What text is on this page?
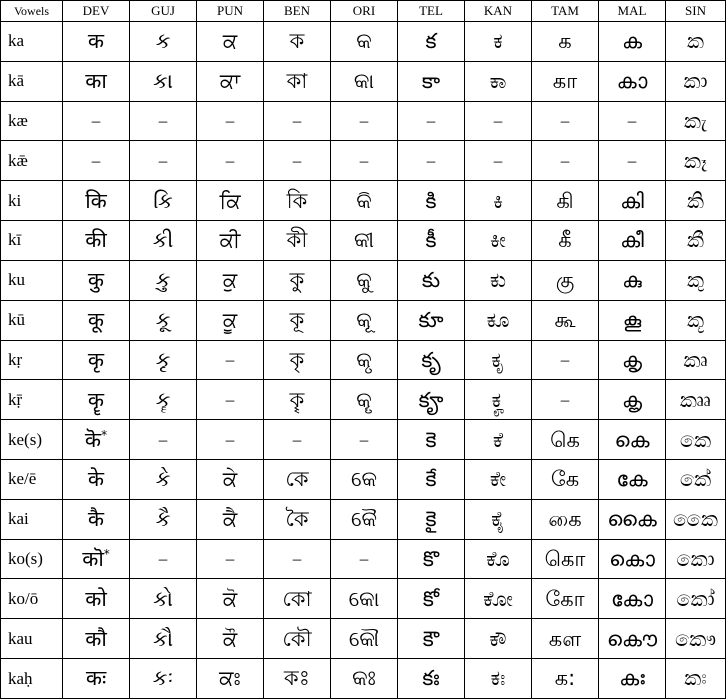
Vowels	DEV	GUJ	PUN	BEN	ORI	TEL	KAN	TAM	MAL	SIN
ka	क	ક	ਕ	ক	କ	క	ಕ	க	ക	ක
kā	का	કા	ਕਾ	কা	କା	కా	ಕಾ	கா	കാ	කා
kæ	–	–	–	–	–	–	–	–	–	කැ
kǣ	–	–	–	–	–	–	–	–	–	කෑ
ki	कि	કિ	ਕਿ	কি	କି	కి	ಕಿ	கி	കി	කි
kī	की	કી	ਕੀ	কী	କୀ	కీ	ಕೀ	கீ	കീ	කී
ku	कु	કુ	ਕੁ	কু	କୁ	కు	ಕು	கு	കു	කු
kū	कू	કૂ	ਕੂ	কূ	କୂ	కూ	ಕೂ	கூ	കൂ	කූ
kṛ	कृ	કૃ	–	কৃ	କୃ	కృ	ಕೃ	–	കൃ	කෘ
kṝ	कॄ	કૄ	–	কৄ	କୄ	కౄ	ಕೄ	–	കൄ	කෲ
ke(s)	कॆ*	–	–	–	–	కె	ಕೆ	கெ	കെ	කෙ
ke/ē	के	કે	ਕੇ	কে	କେ	కే	ಕೇ	கே	കേ	කේ
kai	कै	કૈ	ਕੈ	কৈ	କୈ	కై	ಕೈ	கை	കൈ	කෛ
ko(s)	कॊ*	–	–	–	–	కొ	ಕೊ	கொ	കൊ	කො
ko/ō	को	કો	ਕੋ	কো	କୋ	కో	ಕೋ	கோ	കോ	කෝ
kau	कौ	કૌ	ਕੌ	কৌ	କୌ	కౌ	ಕೌ	கள	കൌ	කෞ
kaḥ	कः	કઃ	ਕਃ	কঃ	କଃ	కః	ಕಃ	க:	കഃ	කඃ
